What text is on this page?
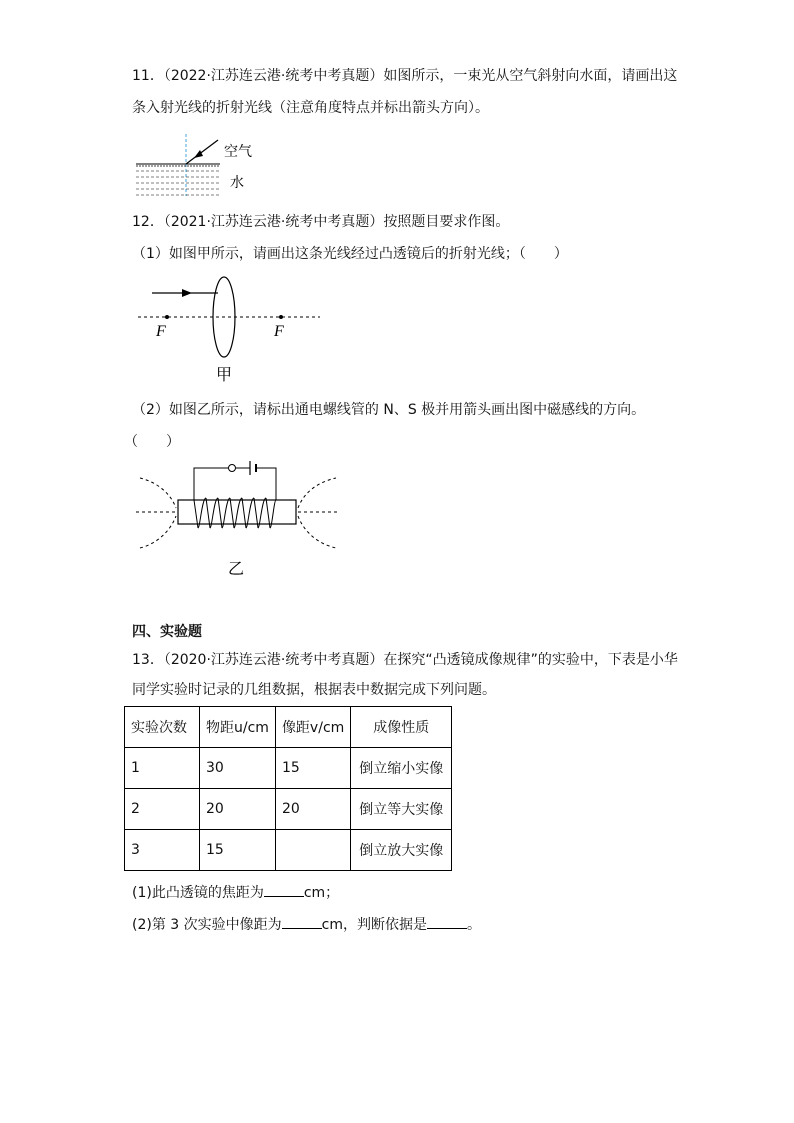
11．（2022·江苏连云港·统考中考真题）如图所示，一束光从空气斜射向水面，请画出这
条入射光线的折射光线（注意角度特点并标出箭头方向）。
空气
水
12．（2021·江苏连云港·统考中考真题）按照题目要求作图。
（1）如图甲所示，请画出这条光线经过凸透镜后的折射光线；（　　）
F	F
甲
（2）如图乙所示，请标出通电螺线管的 N、S 极并用箭头画出图中磁感线的方向。
（　　）
乙
四、实验题
13．（2020·江苏连云港·统考中考真题）在探究“凸透镜成像规律”的实验中，下表是小华
同学实验时记录的几组数据，根据表中数据完成下列问题。
实验次数	物距u/cm	像距v/cm	成像性质
1	30	15	倒立缩小实像
2	20	20	倒立等大实像
3	15		倒立放大实像
(1)此凸透镜的焦距为	cm；
(2)第 3 次实验中像距为	cm，判断依据是	。
